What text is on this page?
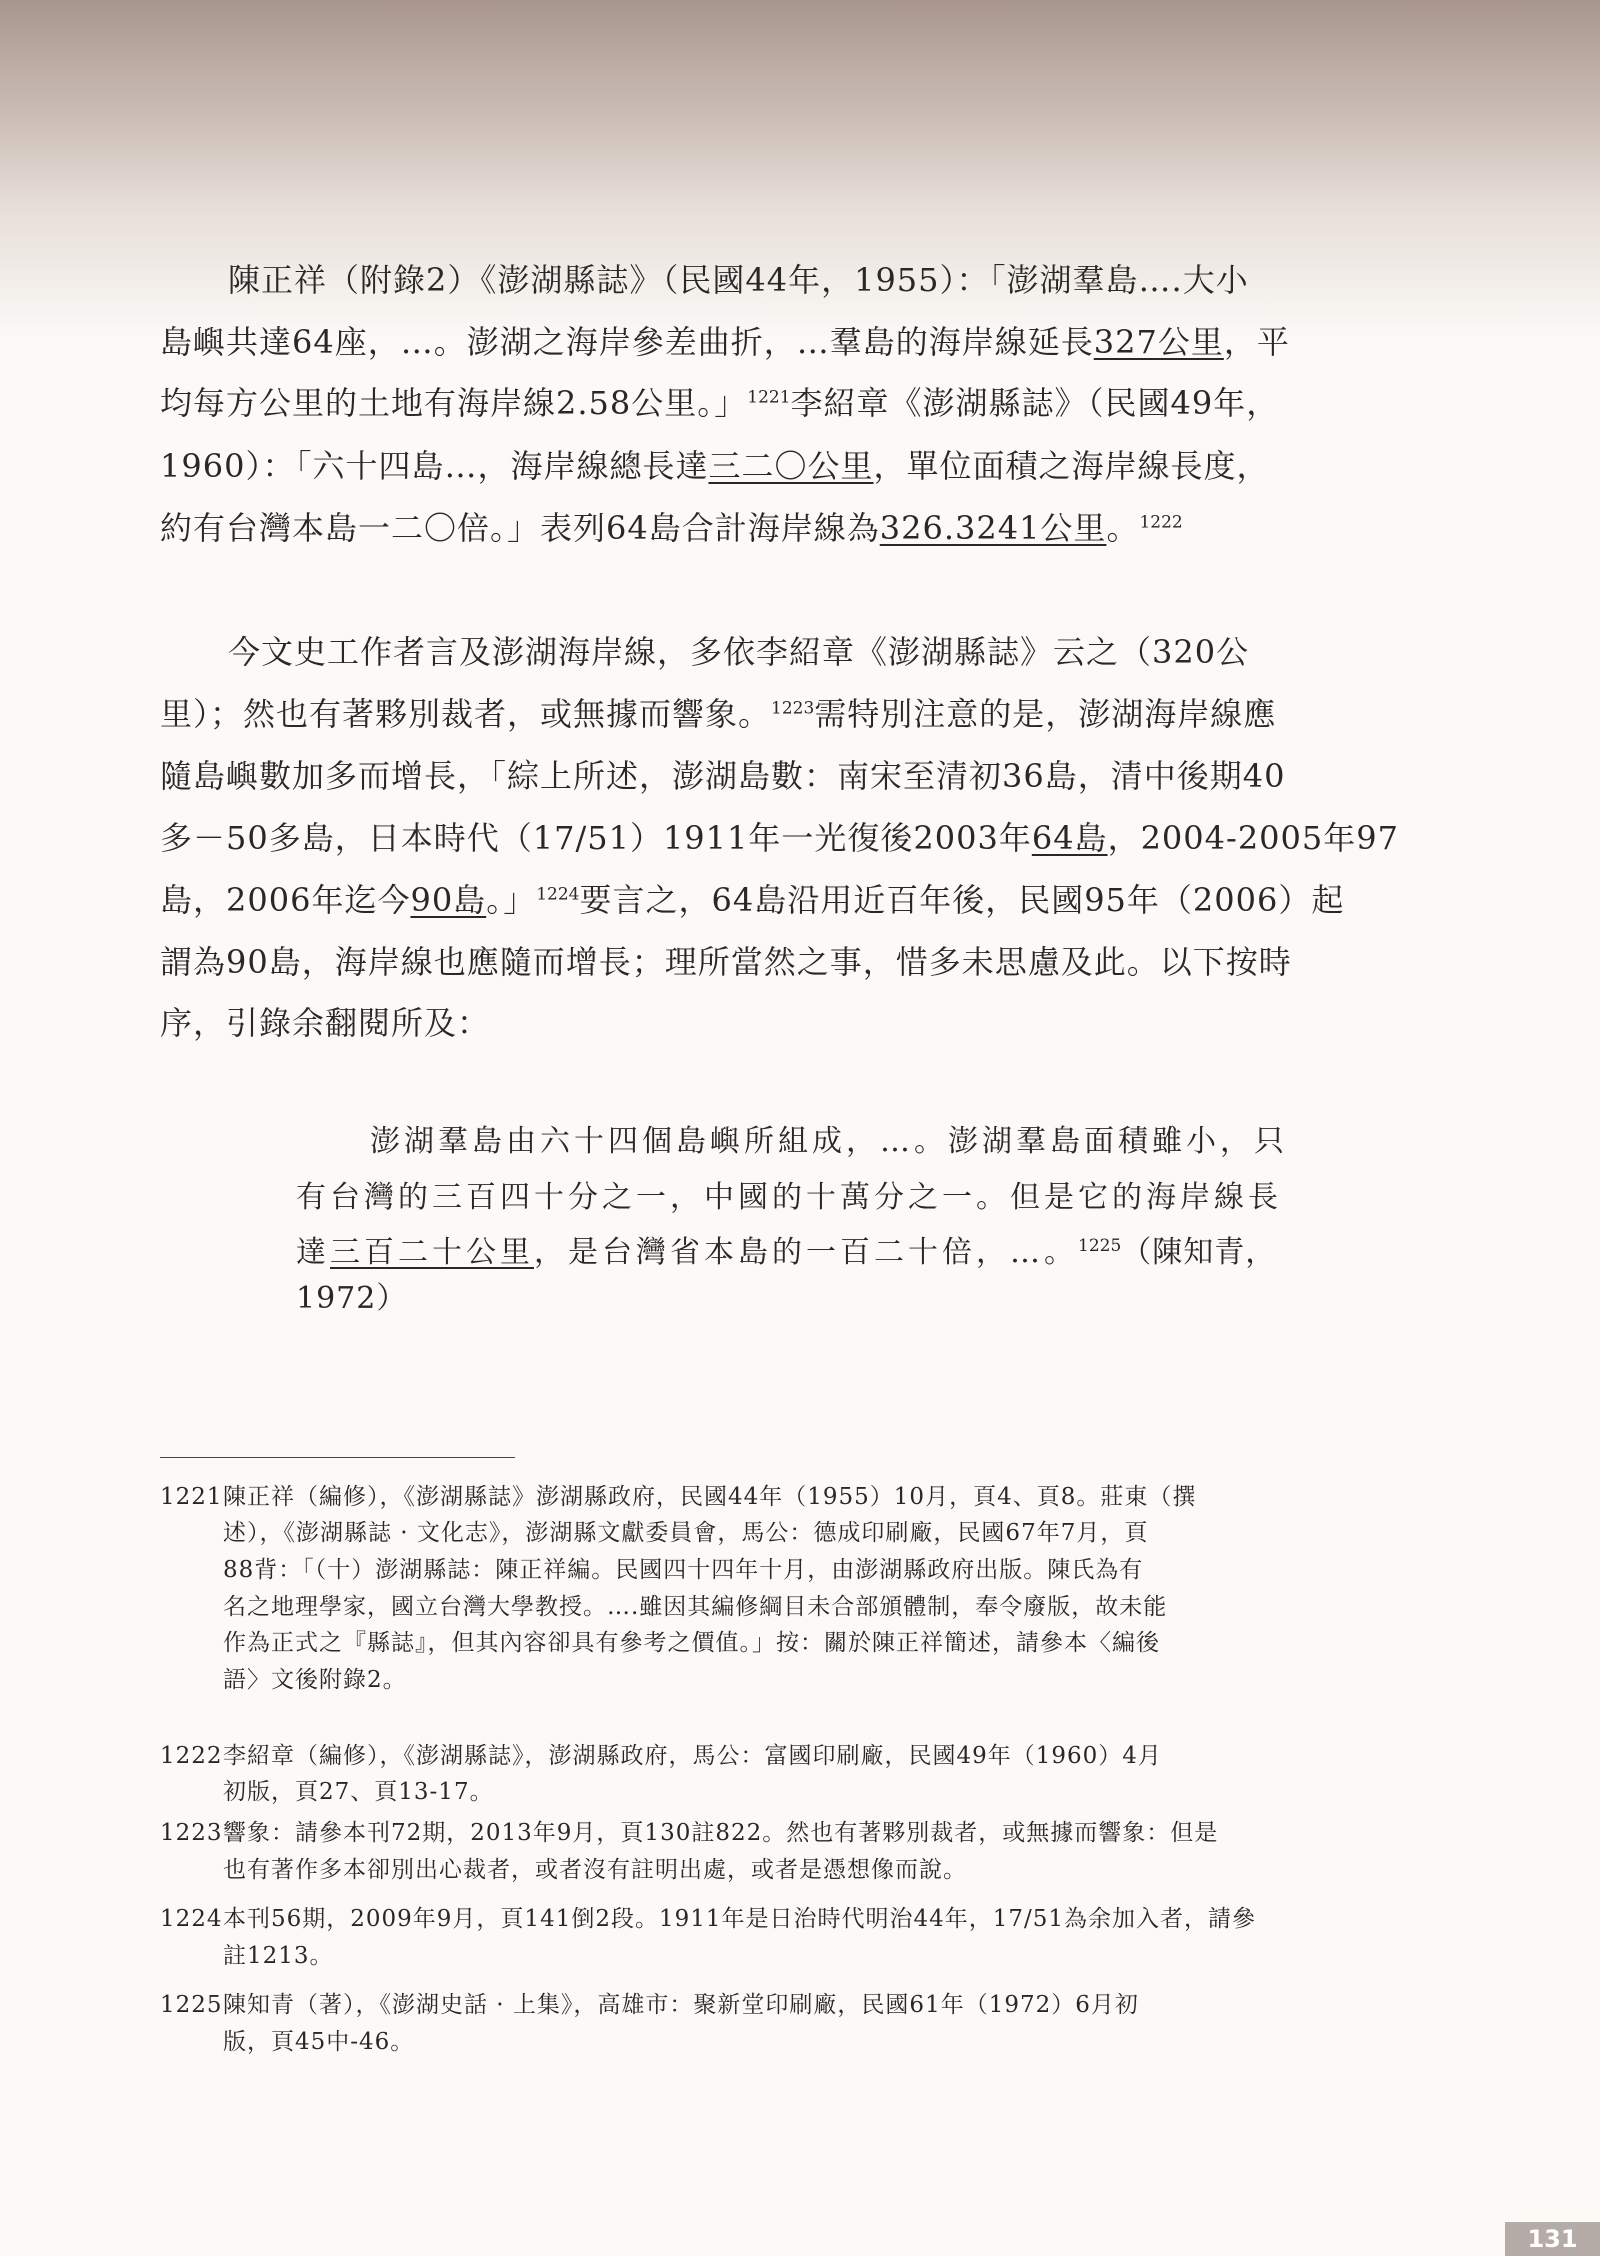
陳正祥（附錄2）《澎湖縣誌》（民國44年，1955）：「澎湖羣島….大小
島嶼共達64座，…。澎湖之海岸參差曲折，…羣島的海岸線延長327公里，平
均每方公里的土地有海岸線2.58公里。」$^{1221}$李紹章《澎湖縣誌》（民國49年，
1960）：「六十四島…，海岸線總長達三二〇公里，單位面積之海岸線長度，
約有台灣本島一二〇倍。」表列64島合計海岸線為326.3241公里。$^{1222}$
今文史工作者言及澎湖海岸線，多依李紹章《澎湖縣誌》云之（320公
里）；然也有著夥別裁者，或無據而響象。$^{1223}$需特別注意的是，澎湖海岸線應
隨島嶼數加多而增長，「綜上所述，澎湖島數：南宋至清初36島，清中後期40
多－50多島，日本時代（17/51）1911年一光復後2003年64島，2004-2005年97
島，2006年迄今90島。」$^{1224}$要言之，64島沿用近百年後，民國95年（2006）起
謂為90島，海岸線也應隨而增長；理所當然之事，惜多未思慮及此。以下按時
序，引錄余翻閱所及：
澎湖羣島由六十四個島嶼所組成，…。澎湖羣島面積雖小，只
有台灣的三百四十分之一，中國的十萬分之一。但是它的海岸線長
達三百二十公里，是台灣省本島的一百二十倍，…。$^{1225}$（陳知青，
1972）
1221 陳正祥（編修），《澎湖縣誌》澎湖縣政府，民國44年（1955）10月，頁4、頁8。莊東（撰
述），《澎湖縣誌 · 文化志》，澎湖縣文獻委員會，馬公：德成印刷廠，民國67年7月，頁
88背：「（十）澎湖縣誌：陳正祥編。民國四十四年十月，由澎湖縣政府出版。陳氏為有
名之地理學家，國立台灣大學教授。….雖因其編修綱目未合部頒體制，奉令廢版，故未能
作為正式之『縣誌』，但其內容卻具有參考之價值。」按：關於陳正祥簡述，請參本〈編後
語〉文後附錄2。
1222 李紹章（編修），《澎湖縣誌》，澎湖縣政府，馬公：富國印刷廠，民國49年（1960）4月
初版，頁27、頁13-17。
1223 響象：請參本刊72期，2013年9月，頁130註822。然也有著夥別裁者，或無據而響象：但是
也有著作多本卻別出心裁者，或者沒有註明出處，或者是憑想像而說。
1224 本刊56期，2009年9月，頁141倒2段。1911年是日治時代明治44年，17/51為余加入者，請參
註1213。
1225 陳知青（著），《澎湖史話 · 上集》，高雄市：聚新堂印刷廠，民國61年（1972）6月初
版，頁45中-46。
131
